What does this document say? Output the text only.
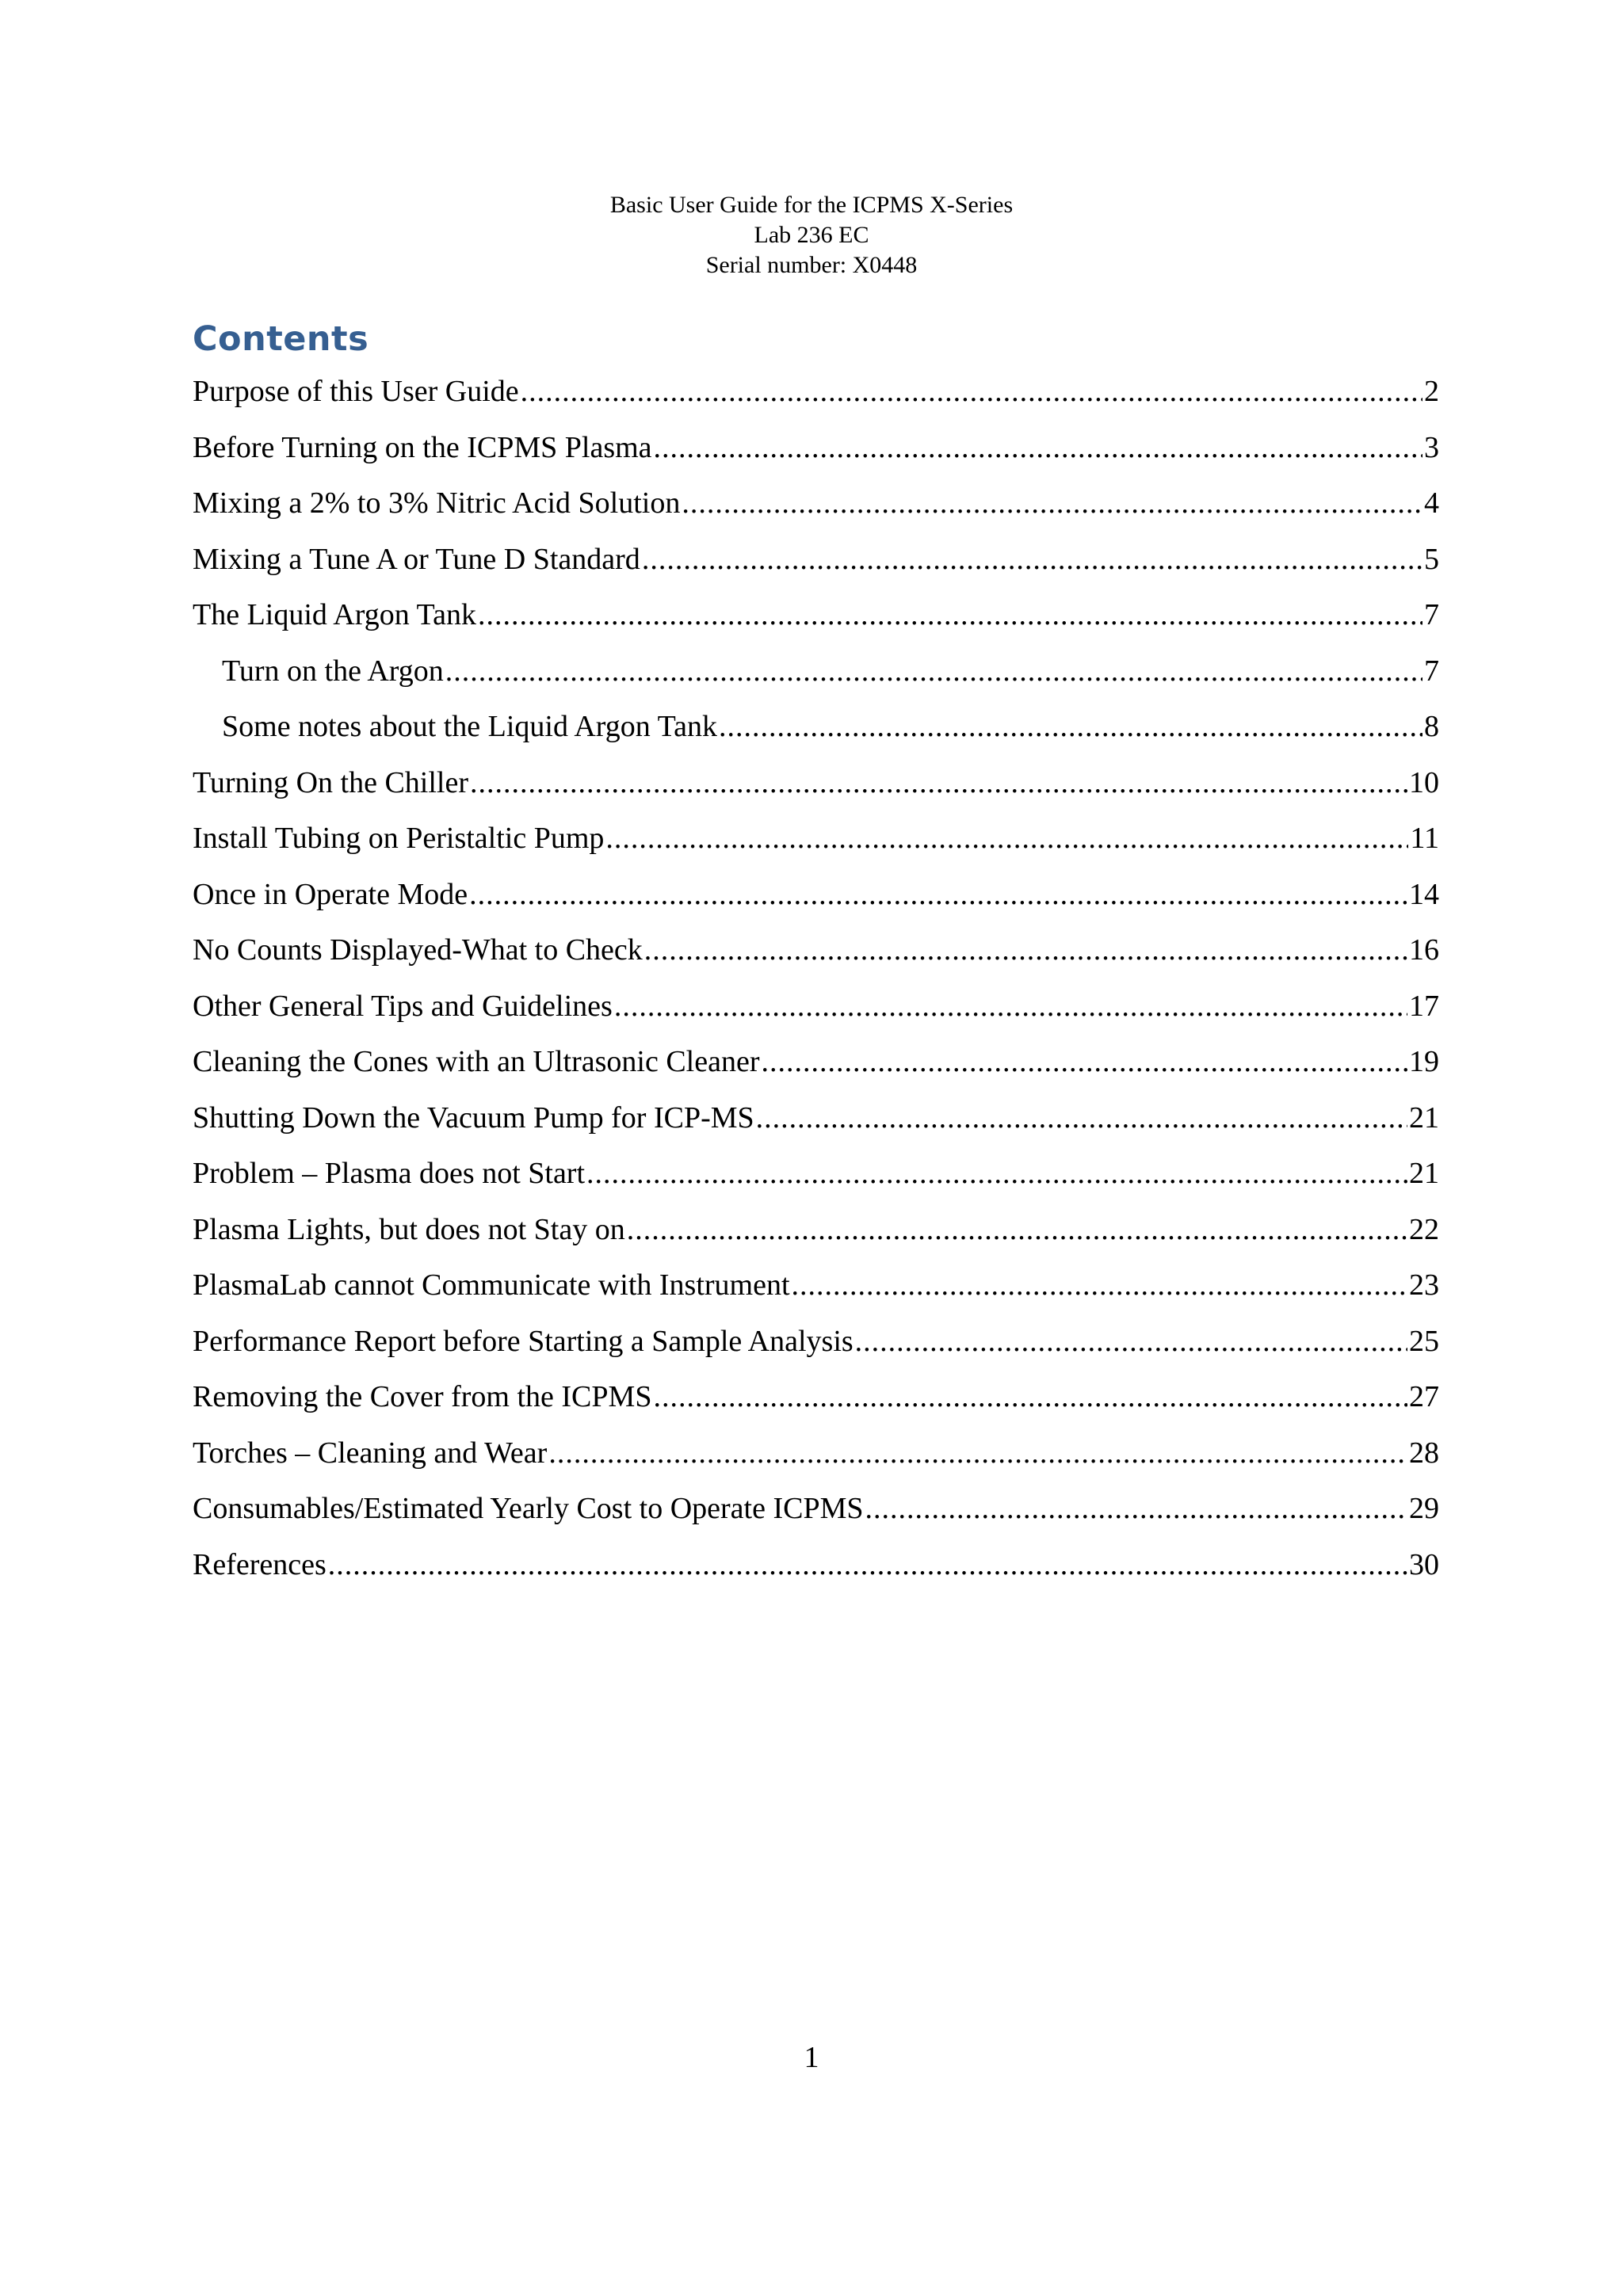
Basic User Guide for the ICPMS X-Series
Lab 236 EC
Serial number: X0448
Contents
Purpose of this User Guide .....	2
Before Turning on the ICPMS Plasma .....	3
Mixing a 2% to 3% Nitric Acid Solution .....	4
Mixing a Tune A or Tune D Standard .....	5
The Liquid Argon Tank .....	7
Turn on the Argon .....	7
Some notes about the Liquid Argon Tank .....	8
Turning On the Chiller .....	10
Install Tubing on Peristaltic Pump .....	11
Once in Operate Mode .....	14
No Counts Displayed-What to Check .....	16
Other General Tips and Guidelines .....	17
Cleaning the Cones with an Ultrasonic Cleaner .....	19
Shutting Down the Vacuum Pump for ICP-MS .....	21
Problem – Plasma does not Start .....	21
Plasma Lights, but does not Stay on .....	22
PlasmaLab cannot Communicate with Instrument .....	23
Performance Report before Starting a Sample Analysis .....	25
Removing the Cover from the ICPMS .....	27
Torches – Cleaning and Wear .....	28
Consumables/Estimated Yearly Cost to Operate ICPMS .....	29
References .....	30
1
